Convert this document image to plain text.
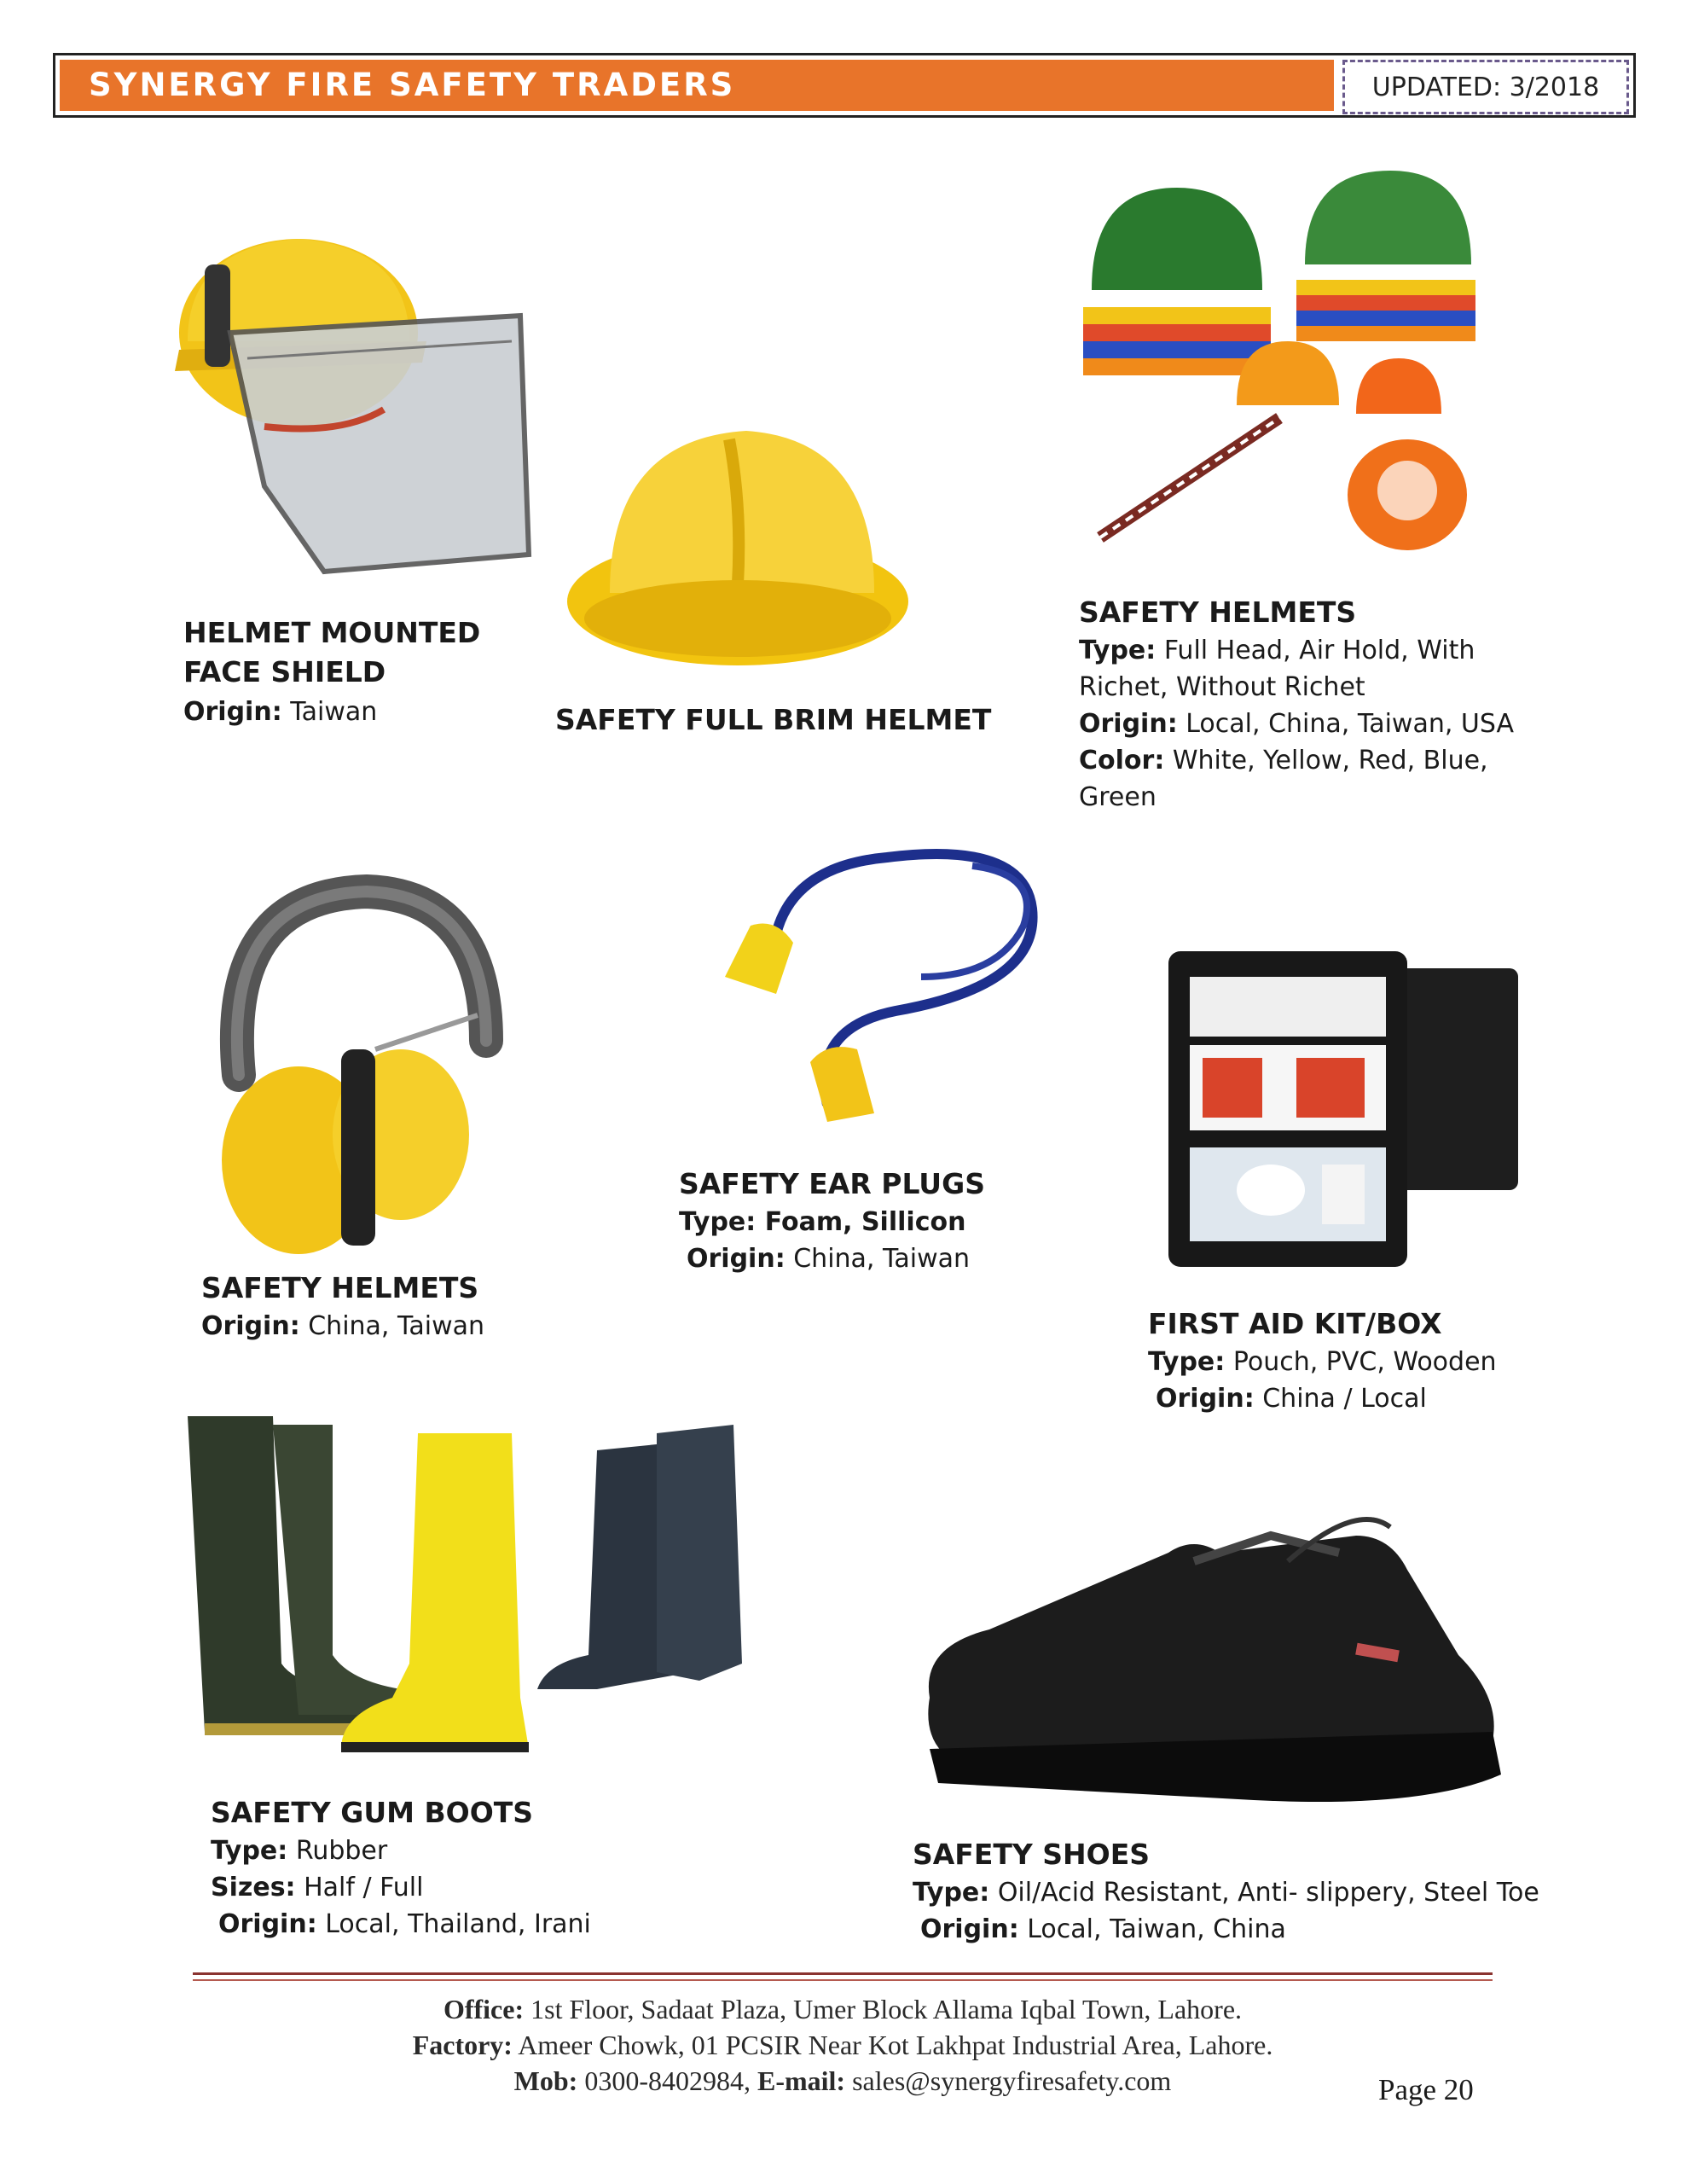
SYNERGY FIRE SAFETY TRADERS	UPDATED: 3/2018
HELMET MOUNTED
FACE SHIELD
Origin: Taiwan	SAFETY FULL BRIM HELMET
SAFETY HELMETS
Type: Full Head, Air Hold, With
Richet, Without Richet
Origin: Local, China, Taiwan, USA
Color: White, Yellow, Red, Blue,
Green
SAFETY HELMETS
Origin: China, Taiwan
SAFETY EAR PLUGS
Type: Foam, Sillicon
Origin: China, Taiwan
FIRST AID KIT/BOX
Type: Pouch, PVC, Wooden
Origin: China / Local
SAFETY GUM BOOTS
Type: Rubber
Sizes: Half / Full
Origin: Local, Thailand, Irani
SAFETY SHOES
Type: Oil/Acid Resistant, Anti- slippery, Steel Toe
Origin: Local, Taiwan, China
Office: 1st Floor, Sadaat Plaza, Umer Block Allama Iqbal Town, Lahore.
Factory: Ameer Chowk, 01 PCSIR Near Kot Lakhpat Industrial Area, Lahore.
Mob: 0300-8402984, E-mail: sales@synergyfiresafety.com	Page 20
